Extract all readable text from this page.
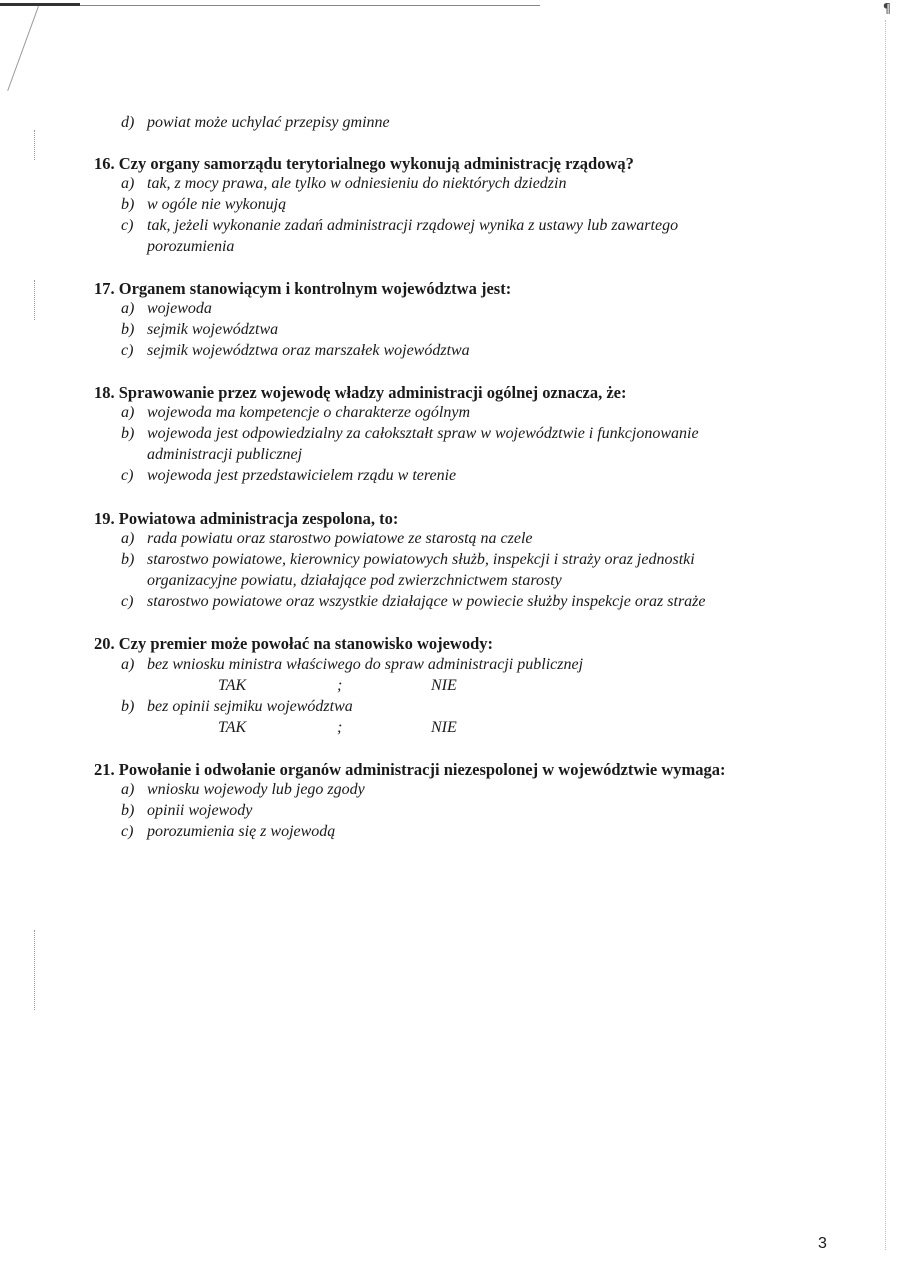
¶
d) powiat może uchylać przepisy gminne
16. Czy organy samorządu terytorialnego wykonują administrację rządową?
a) tak, z mocy prawa, ale tylko w odniesieniu do niektórych dziedzin
b) w ogóle nie wykonują
c) tak, jeżeli wykonanie zadań administracji rządowej wynika z ustawy lub zawartego
porozumienia
17. Organem stanowiącym i kontrolnym województwa jest:
a) wojewoda
b) sejmik województwa
c) sejmik województwa oraz marszałek województwa
18. Sprawowanie przez wojewodę władzy administracji ogólnej oznacza, że:
a) wojewoda ma kompetencje o charakterze ogólnym
b) wojewoda jest odpowiedzialny za całokształt spraw w województwie i funkcjonowanie
administracji publicznej
c) wojewoda jest przedstawicielem rządu w terenie
19. Powiatowa administracja zespolona, to:
a) rada powiatu oraz starostwo powiatowe ze starostą na czele
b) starostwo powiatowe, kierownicy powiatowych służb, inspekcji i straży oraz jednostki
organizacyjne powiatu, działające pod zwierzchnictwem starosty
c) starostwo powiatowe oraz wszystkie działające w powiecie służby inspekcje oraz straże
20. Czy premier może powołać na stanowisko wojewody:
a) bez wniosku ministra właściwego do spraw administracji publicznej
TAK	;	NIE
b) bez opinii sejmiku województwa
TAK	;	NIE
21. Powołanie i odwołanie organów administracji niezespolonej w województwie wymaga:
a) wniosku wojewody lub jego zgody
b) opinii wojewody
c) porozumienia się z wojewodą
3
